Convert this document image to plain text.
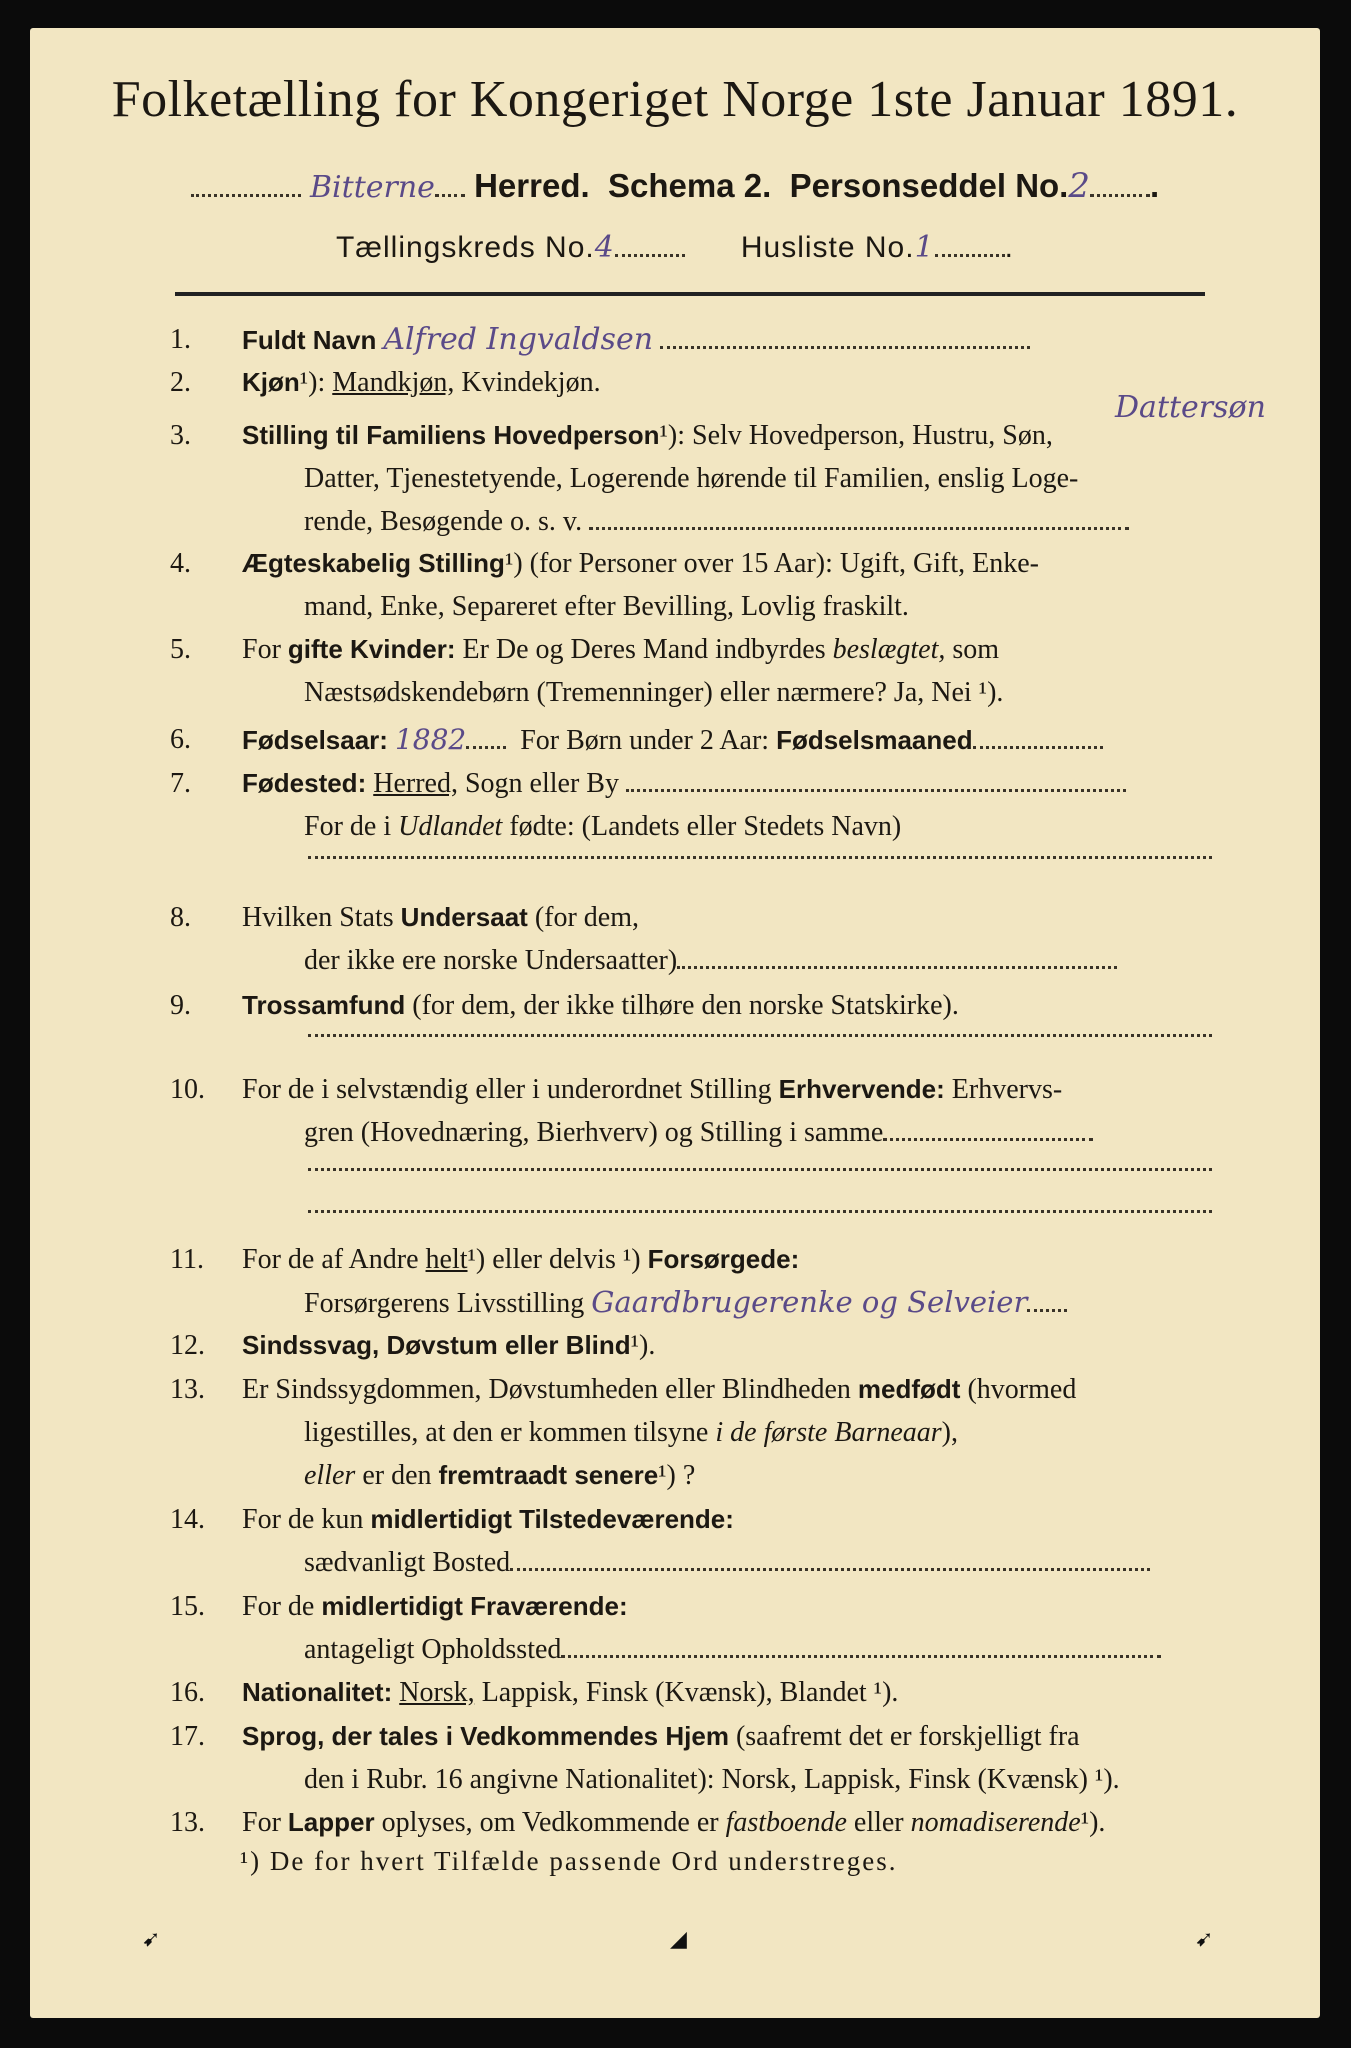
Folketælling for Kongeriget Norge 1ste Januar 1891.
Bitterne Herred. Schema 2. Personseddel No.2 .
Tællingskreds No.4	Husliste No.1 .
1.	Fuldt Navn Alfred Ingvaldsen
2.	Kjøn¹): Mandkjøn, Kvindekjøn.
3.	Stilling til Familiens Hovedperson¹): Selv Hovedperson, Hustru, Søn,
Datter, Tjenestetyende, Logerende hørende til Familien, enslig Loge-
rende, Besøgende o. s. v.
Dattersøn
4.	Ægteskabelig Stilling¹) (for Personer over 15 Aar): Ugift, Gift, Enke-
mand, Enke, Separeret efter Bevilling, Lovlig fraskilt.
5.	For gifte Kvinder: Er De og Deres Mand indbyrdes beslægtet, som
Næstsødskendebørn (Tremenninger) eller nærmere? Ja, Nei ¹).
6.	Fødselsaar: 1882 For Børn under 2 Aar: Fødselsmaaned
7.	Fødested: Herred, Sogn eller By
For de i Udlandet fødte: (Landets eller Stedets Navn)
8.	Hvilken Stats Undersaat (for dem,
der ikke ere norske Undersaatter)
9.	Trossamfund (for dem, der ikke tilhøre den norske Statskirke).
10.	For de i selvstændig eller i underordnet Stilling Erhvervende: Erhvervs-
gren (Hovednæring, Bierhverv) og Stilling i samme
11.	For de af Andre helt¹) eller delvis ¹) Forsørgede:
Forsørgerens Livsstilling Gaardbrugerenke og Selveier
12.	Sindssvag, Døvstum eller Blind¹).
13.	Er Sindssygdommen, Døvstumheden eller Blindheden medfødt (hvormed
ligestilles, at den er kommen tilsyne i de første Barneaar),
eller er den fremtraadt senere¹) ?
14.	For de kun midlertidigt Tilstedeværende:
sædvanligt Bosted
15.	For de midlertidigt Fraværende:
antageligt Opholdssted
16.	Nationalitet: Norsk, Lappisk, Finsk (Kvænsk), Blandet ¹).
17.	Sprog, der tales i Vedkommendes Hjem (saafremt det er forskjelligt fra
den i Rubr. 16 angivne Nationalitet): Norsk, Lappisk, Finsk (Kvænsk) ¹).
13.	For Lapper oplyses, om Vedkommende er fastboende eller nomadiserende¹).
¹) De for hvert Tilfælde passende Ord understreges.
➹	◢	➹
